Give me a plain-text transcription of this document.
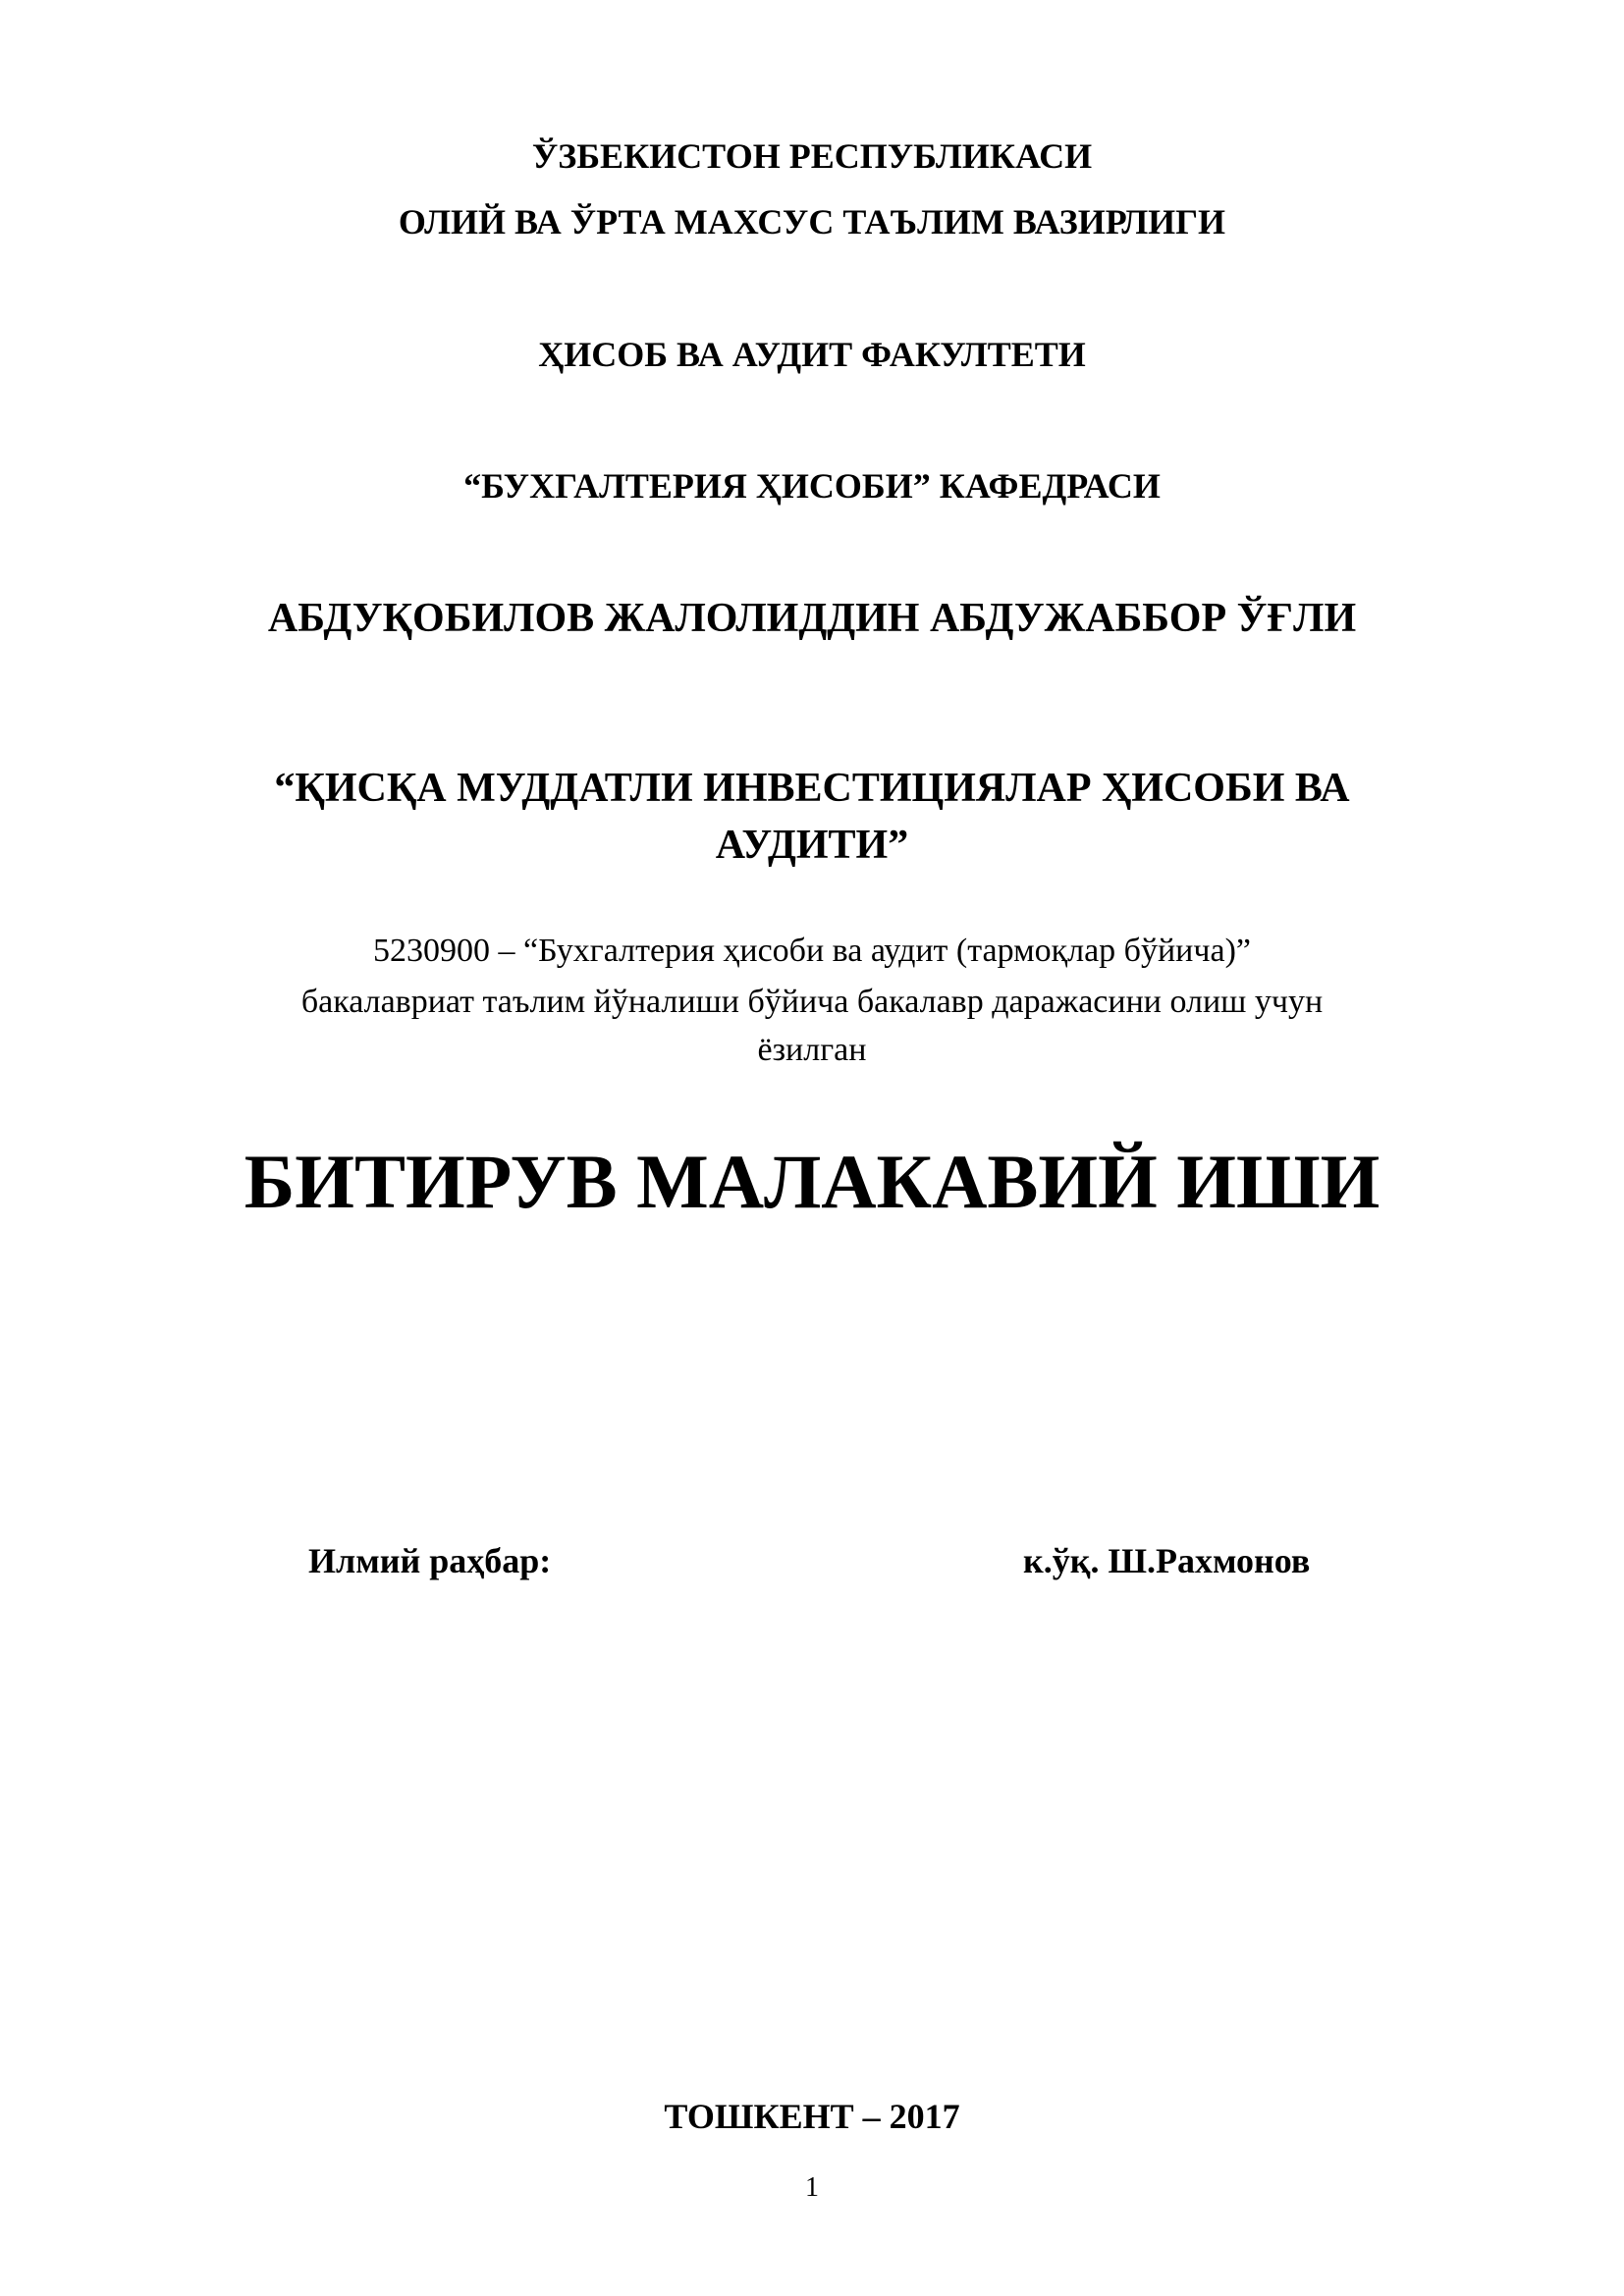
ЎЗБЕКИСТОН РЕСПУБЛИКАСИ
ОЛИЙ ВА ЎРТА МАХСУС ТАЪЛИМ ВАЗИРЛИГИ
ҲИСОБ ВА АУДИТ ФАКУЛТЕТИ
“БУХГАЛТЕРИЯ ҲИСОБИ” КАФЕДРАСИ
АБДУҚОБИЛОВ ЖАЛОЛИДДИН АБДУЖАББОР ЎҒЛИ
“ҚИСҚА МУДДАТЛИ ИНВЕСТИЦИЯЛАР ҲИСОБИ ВА
АУДИТИ”
5230900 – “Бухгалтерия ҳисоби ва аудит (тармоқлар бўйича)”
бакалавриат таълим йўналиши бўйича бакалавр даражасини олиш учун
ёзилган
БИТИРУВ МАЛАКАВИЙ ИШИ
Илмий раҳбар:	к.ўқ. Ш.Рахмонов
ТОШКЕНТ – 2017
1
